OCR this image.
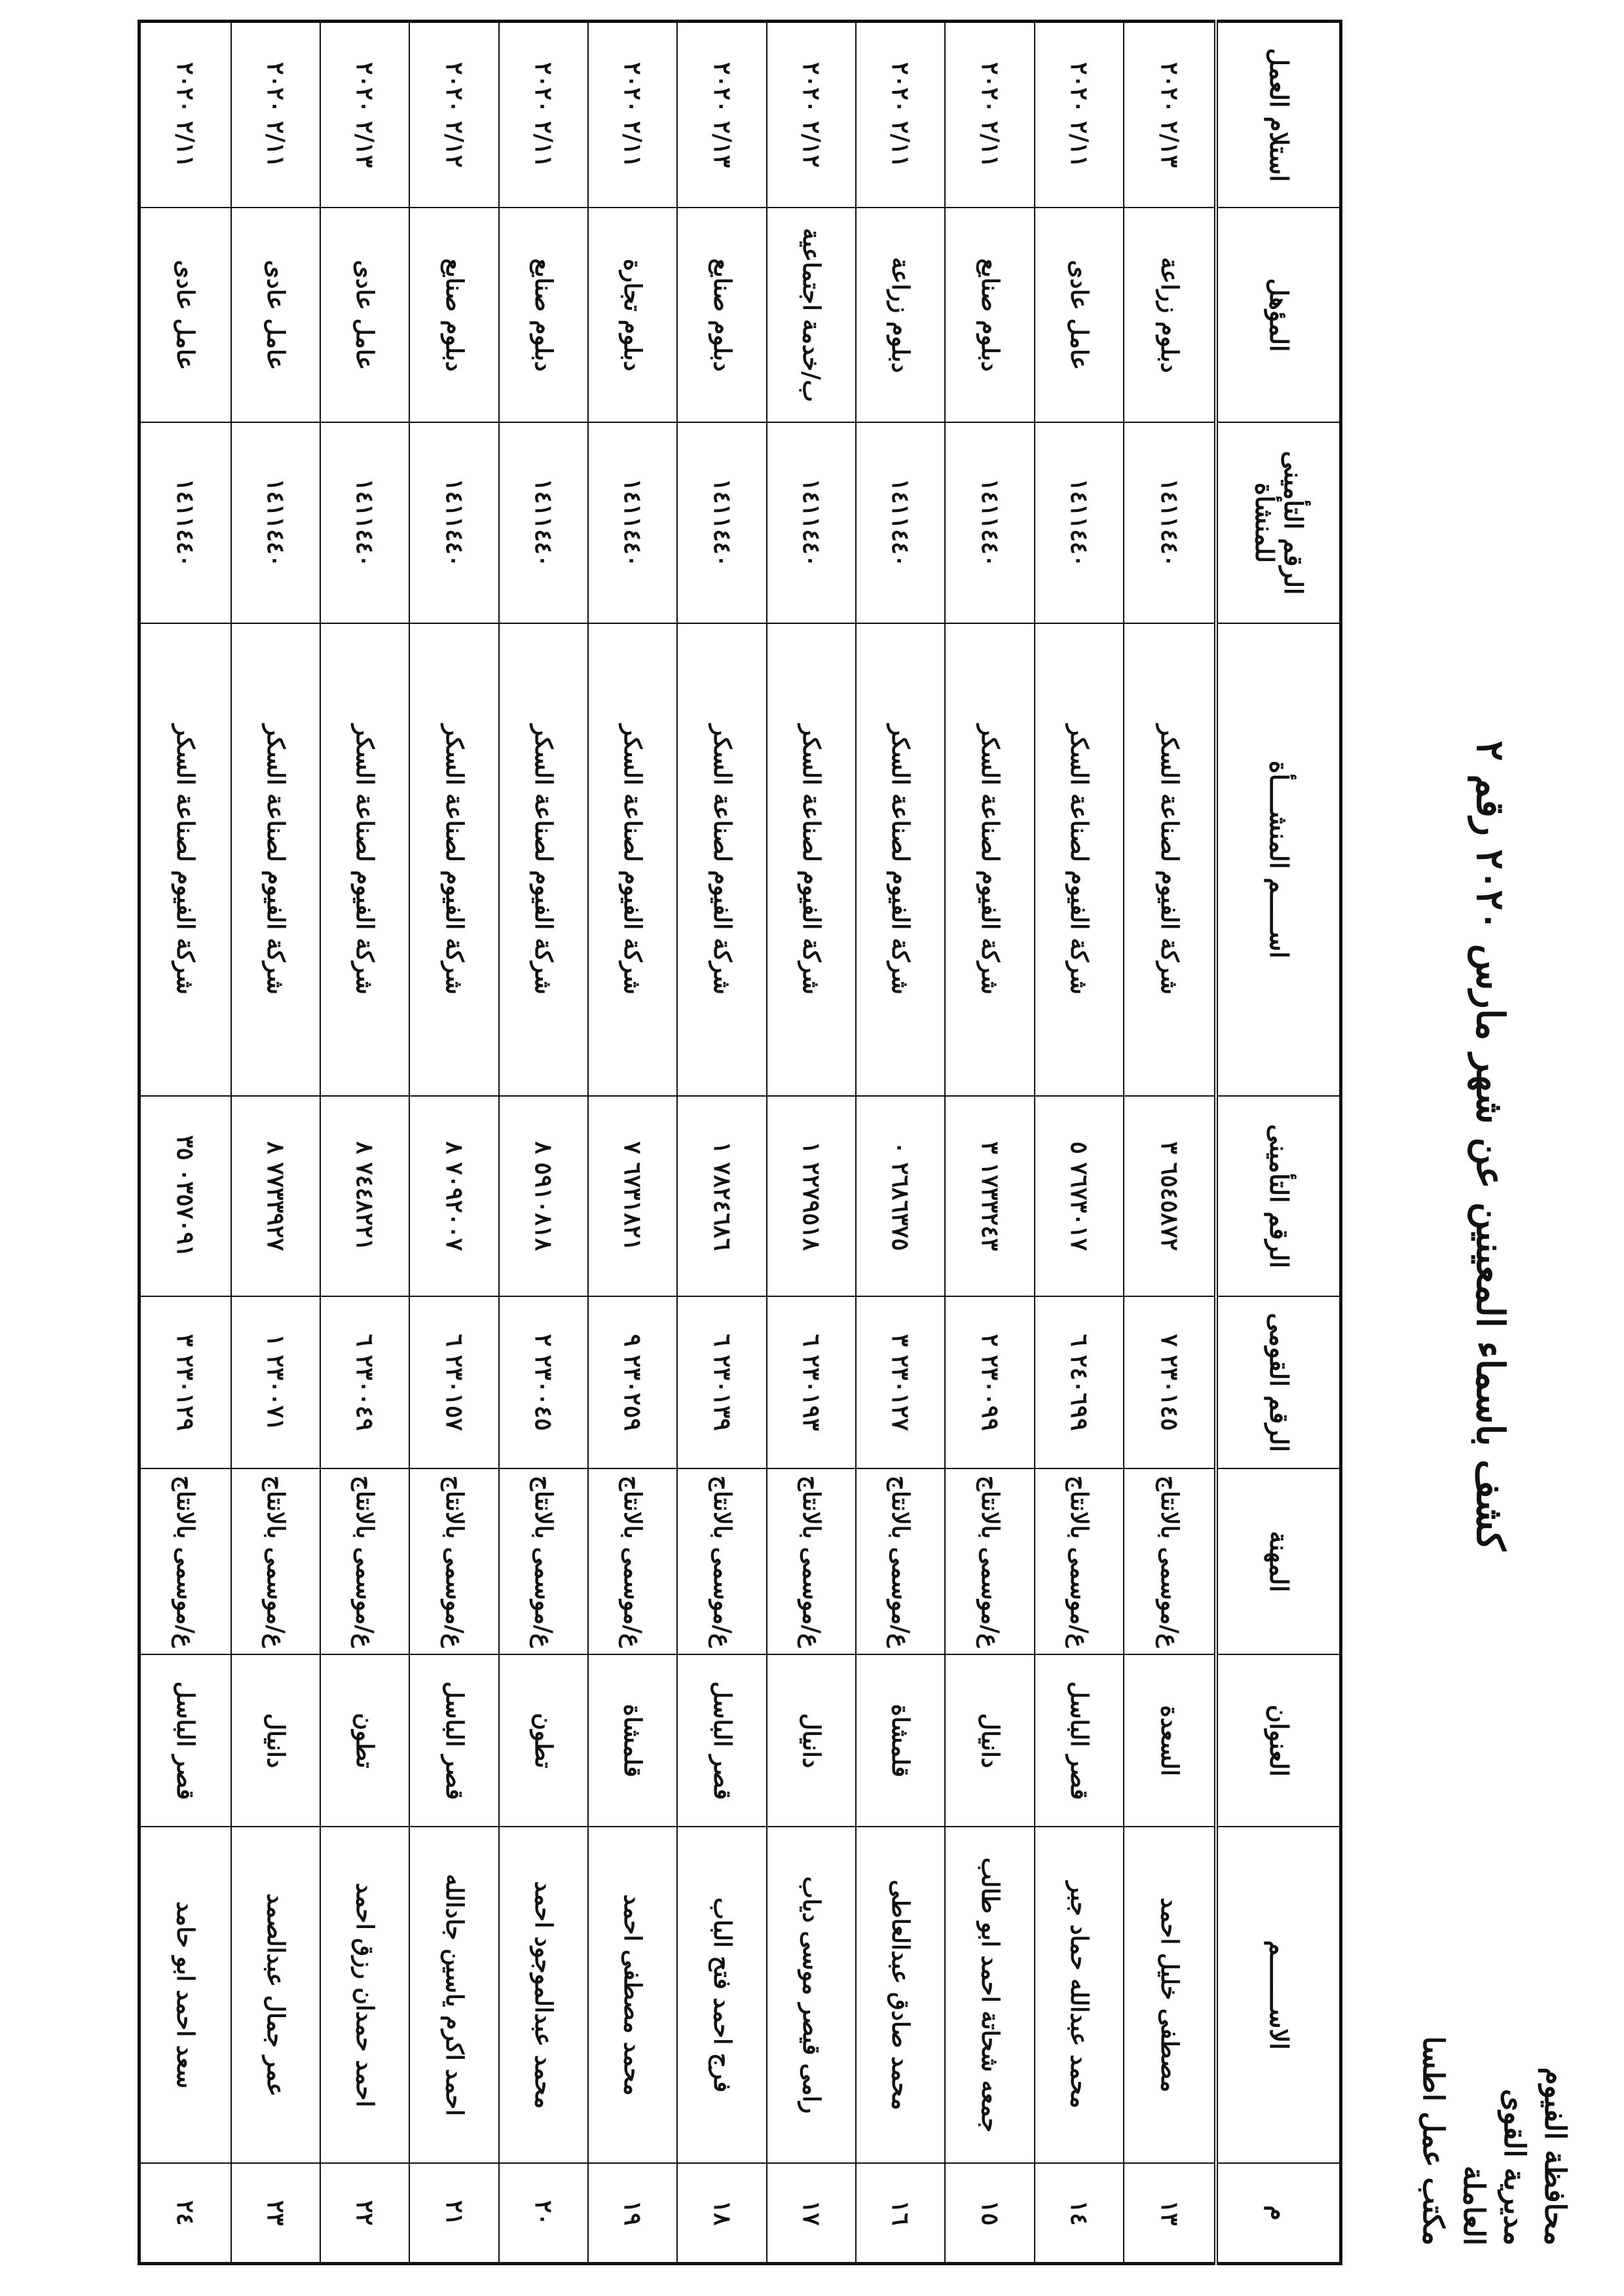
محافظة الفيوم
مديرية القوى العاملة
مكتب عمل اطسا
كشف باسماء المعينين عن شهر مارس ٢٠٢٠ رقم ٢
م	الاســـــــم	العنوان	المهنة	الرقم القومى	الرقم التأمينى	اســـــم المنشــــأة	الرقم التأمينى للمنشأة	المؤهل	استلام العمل
١٣	مصطفى خليل احمد	السعدة	ع/موسمى بالانتاج	٢٣٠١٤٥ ٧	٦٥٤٥٨٧٢ ٣	شركة الفيوم لصناعة السكر	١٤١١٤٤٠	دبلوم زراعة	٢/١٣ ٢٠٢٠
١٤	محمد عبدالله حماد جبر	قصر الباسل	ع/موسمى بالانتاج	٢٤٠٦٩٩ ٦	٧٦٧٣٠١٧ ٥	شركة الفيوم لصناعة السكر	١٤١١٤٤٠	عامل عادى	٢/١١ ٢٠٢٠
١٥	جمعه شحاتة احمد ابو طالب	دانيال	ع/موسمى بالانتاج	٢٣٠٠٩٩ ٢	١٧٣٣٢٤٣ ٣	شركة الفيوم لصناعة السكر	١٤١١٤٤٠	دبلوم صنايع	٢/١١ ٢٠٢٠
١٦	محمد صادق عبدالعاطى	قلمشاة	ع/موسمى بالانتاج	٢٣٠١٢٧ ٣	٢٦٨٦٣٧٥ ٠	شركة الفيوم لصناعة السكر	١٤١١٤٤٠	دبلوم زراعة	٢/١١ ٢٠٢٠
١٧	رامى قيصر موسى دياب	دانيال	ع/موسمى بالانتاج	٢٣٠١٩٣ ٦	٢٢٧٩٥١٨ ١	شركة الفيوم لصناعة السكر	١٤١١٤٤٠	ب/خدمة اجتماعية	٢/١٢ ٢٠٢٠
١٨	فرج احمد فتح الباب	قصر الباسل	ع/موسمى بالانتاج	٢٣٠١٣٩ ٦	٧٨٢٤٦٨٦ ١	شركة الفيوم لصناعة السكر	١٤١١٤٤٠	دبلوم صنايع	٢/١٣ ٢٠٢٠
١٩	محمد مصطفى احمد	قلمشاة	ع/موسمى بالانتاج	٢٣٠٢٥٩ ٩	٦٧٣١٨٢١ ٧	شركة الفيوم لصناعة السكر	١٤١١٤٤٠	دبلوم تجارة	٢/١١ ٢٠٢٠
٢٠	محمد عبدالموجود احمد	تطون	ع/موسمى بالانتاج	٢٣٠٠٤٥ ٢	٥٩١٠٨١٨ ٨	شركة الفيوم لصناعة السكر	١٤١١٤٤٠	دبلوم صنايع	٢/١١ ٢٠٢٠
٢١	احمد اكرم ياسين جادالله	قصر الباسل	ع/موسمى بالانتاج	٢٣٠١٥٧ ٦	٧٠٩٢٠٠٧ ٨	شركة الفيوم لصناعة السكر	١٤١١٤٤٠	دبلوم صنايع	٢/١٢ ٢٠٢٠
٢٢	احمد حمدان رزق احمد	تطون	ع/موسمى بالانتاج	٢٣٠٠٤٩ ٦	٧٤٤٨٢٢١ ٨	شركة الفيوم لصناعة السكر	١٤١١٤٤٠	عامل عادى	٢/١٣ ٢٠٢٠
٢٣	عمر جمال عبدالصمد	دانيال	ع/موسمى بالانتاج	٢٣٠٠٧١ ١	٧٧٣٣٩٢٧ ٨	شركة الفيوم لصناعة السكر	١٤١١٤٤٠	عامل عادى	٢/١١ ٢٠٢٠
٢٤	سعد احمد ابو حامد	قصر الباسل	ع/موسمى بالانتاج	٢٣٠١٢٩ ٣	٠٣٥٧٠٩١ ٣٥	شركة الفيوم لصناعة السكر	١٤١١٤٤٠	عامل عادى	٢/١١ ٢٠٢٠
